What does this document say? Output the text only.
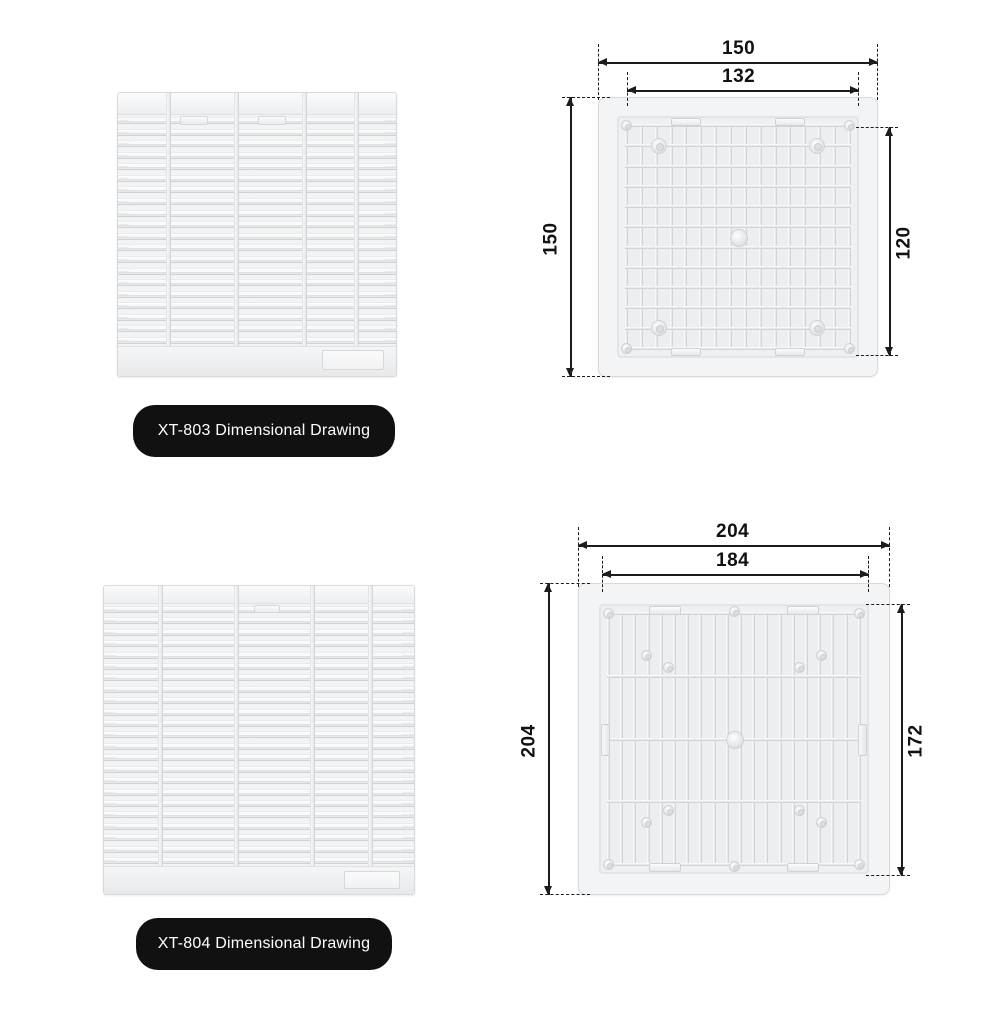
150
132
150	120
XT-803 Dimensional Drawing
204
184
204	172
XT-804 Dimensional Drawing
